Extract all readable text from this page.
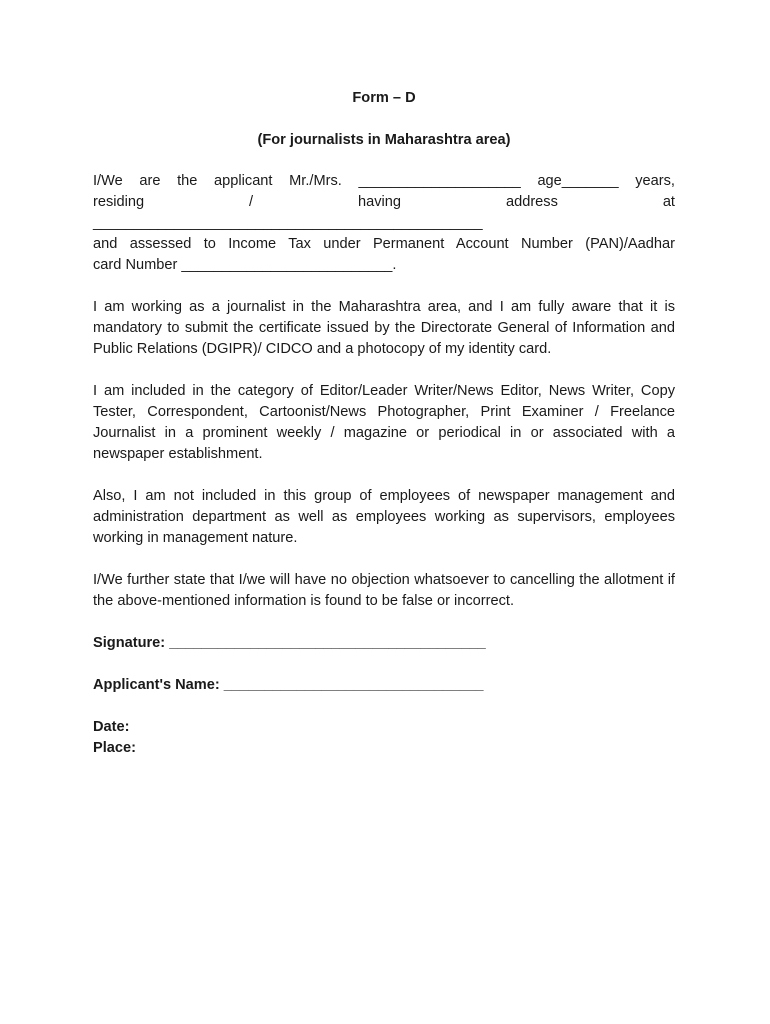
Form – D
(For journalists in Maharashtra area)
I/We are the applicant Mr./Mrs. ____________________ age_______ years,
residing / having address at
________________________________________________
and assessed to Income Tax under Permanent Account Number (PAN)/Aadhar
card Number __________________________.

I am working as a journalist in the Maharashtra area, and I am fully aware that it is mandatory to submit the certificate issued by the Directorate General of Information and Public Relations (DGIPR)/ CIDCO and a photocopy of my identity card.

I am included in the category of Editor/Leader Writer/News Editor, News Writer, Copy Tester, Correspondent, Cartoonist/News Photographer, Print Examiner / Freelance Journalist in a prominent weekly / magazine or periodical in or associated with a newspaper establishment.

Also, I am not included in this group of employees of newspaper management and administration department as well as employees working as supervisors, employees working in management nature.

I/We further state that I/we will have no objection whatsoever to cancelling the allotment if the above-mentioned information is found to be false or incorrect.

Signature: _______________________________________
Applicant's Name: ________________________________
Date:
Place:
